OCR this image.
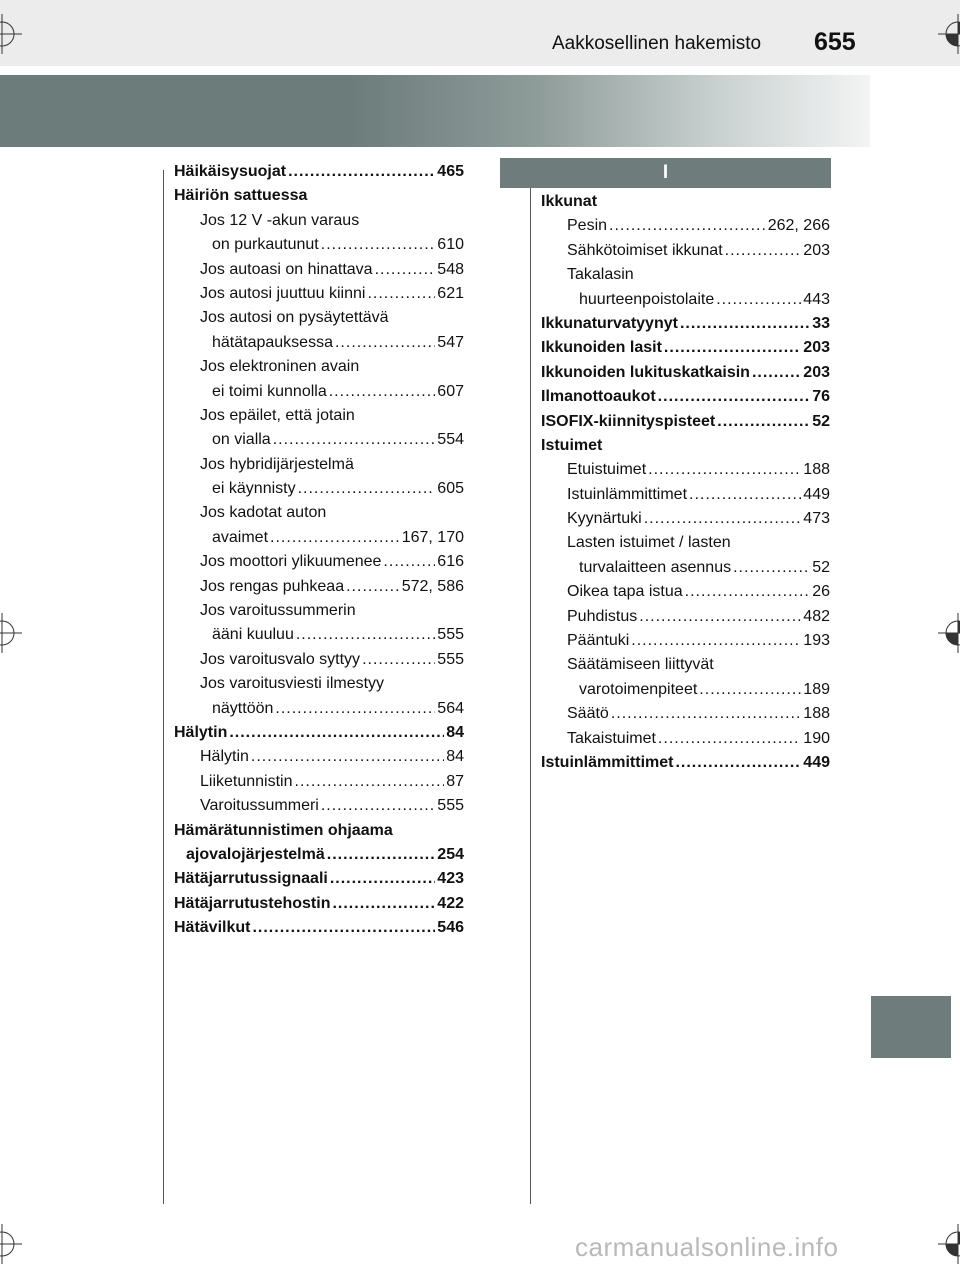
Aakkosellinen hakemisto 655
Häikäisysuojat .....	465
Häiriön sattuessa
Jos 12 V -akun varaus
on purkautunut .....	610
Jos autoasi on hinattava .....	548
Jos autosi juuttuu kiinni .....	621
Jos autosi on pysäytettävä
hätätapauksessa .....	547
Jos elektroninen avain
ei toimi kunnolla .....	607
Jos epäilet, että jotain
on vialla .....	554
Jos hybridijärjestelmä
ei käynnisty .....	605
Jos kadotat auton
avaimet .....	167, 170
Jos moottori ylikuumenee .....	616
Jos rengas puhkeaa .....	572, 586
Jos varoitussummerin
ääni kuuluu .....	555
Jos varoitusvalo syttyy .....	555
Jos varoitusviesti ilmestyy
näyttöön .....	564
Hälytin .....	84
Hälytin .....	84
Liiketunnistin .....	87
Varoitussummeri .....	555
Hämärätunnistimen ohjaama
ajovalojärjestelmä .....	254
Hätäjarrutussignaali .....	423
Hätäjarrutustehostin .....	422
Hätävilkut .....	546
I
Ikkunat
Pesin .....	262, 266
Sähkötoimiset ikkunat .....	203
Takalasin
huurteenpoistolaite .....	443
Ikkunaturvatyynyt .....	33
Ikkunoiden lasit .....	203
Ikkunoiden lukituskatkaisin .....	203
Ilmanottoaukot .....	76
ISOFIX-kiinnityspisteet .....	52
Istuimet
Etuistuimet .....	188
Istuinlämmittimet .....	449
Kyynärtuki .....	473
Lasten istuimet / lasten
turvalaitteen asennus .....	52
Oikea tapa istua .....	26
Puhdistus .....	482
Pääntuki .....	193
Säätämiseen liittyvät
varotoimenpiteet .....	189
Säätö .....	188
Takaistuimet .....	190
Istuinlämmittimet .....	449
carmanualsonline.info
